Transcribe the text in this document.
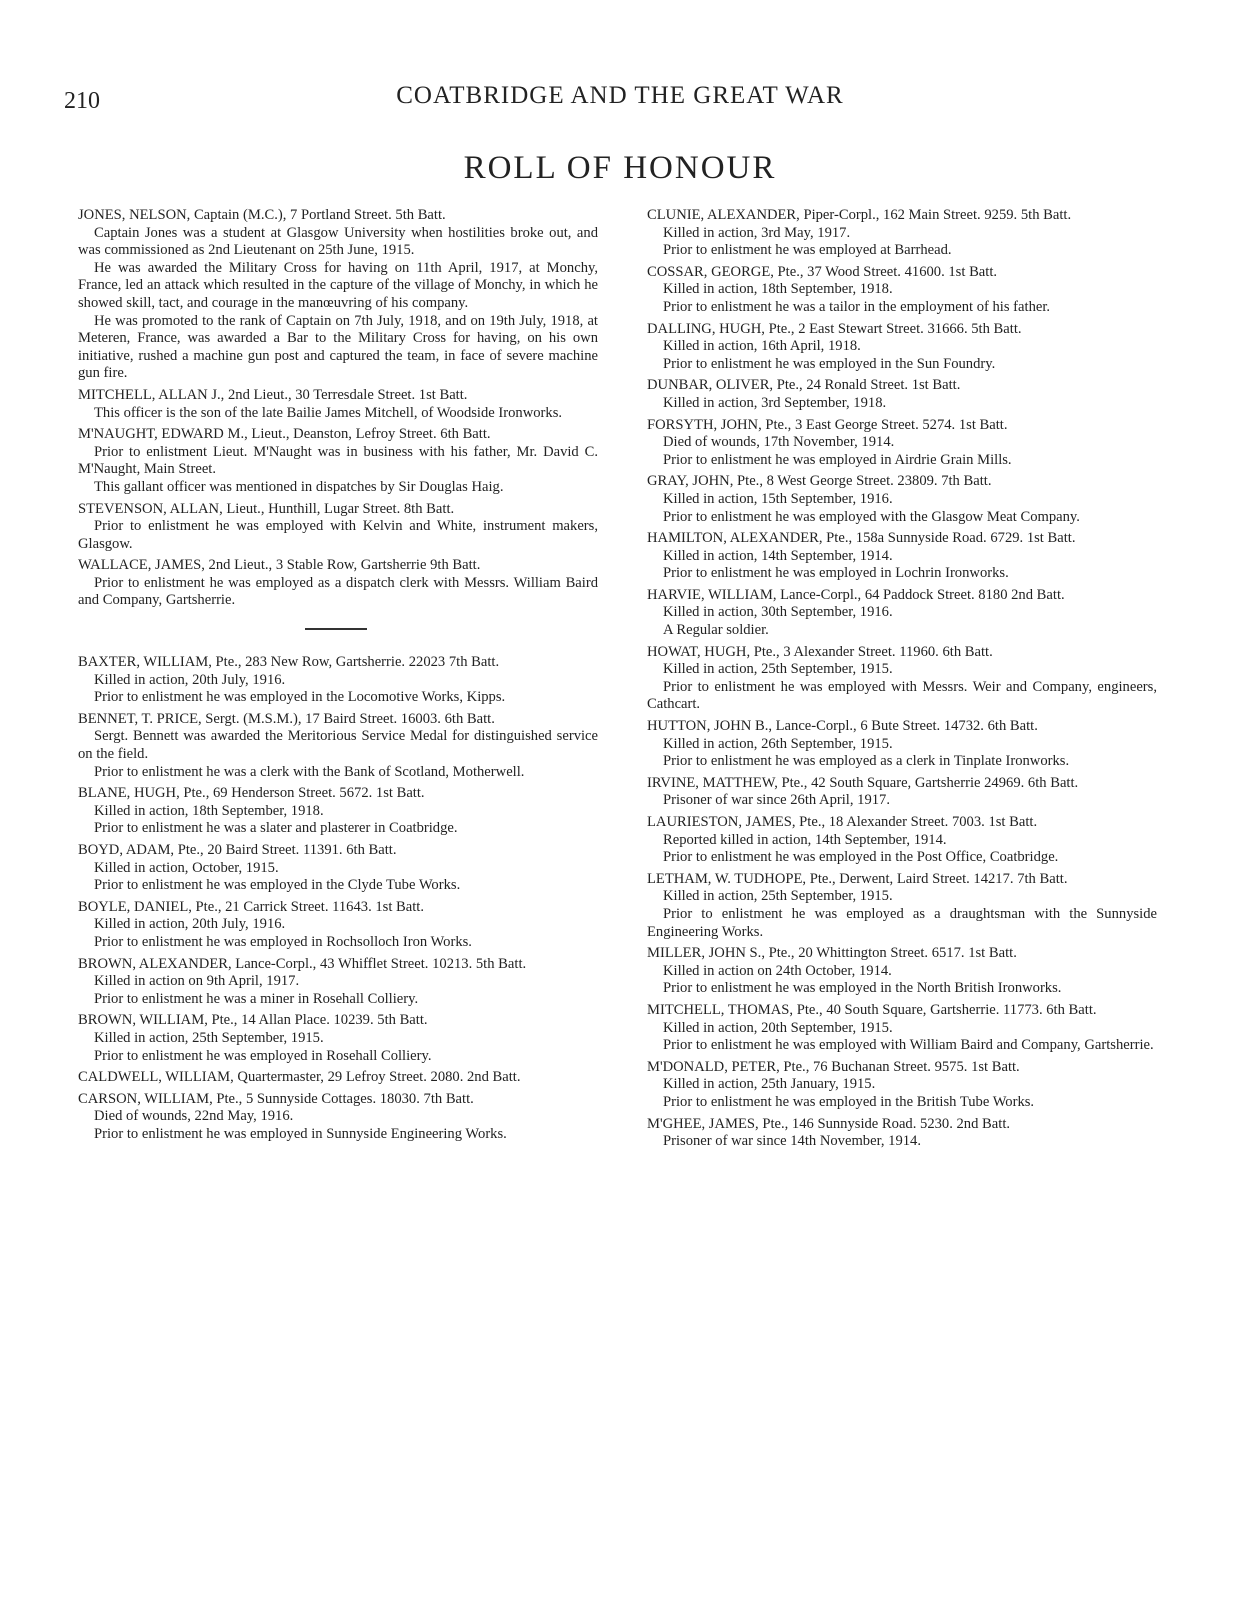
210	COATBRIDGE AND THE GREAT WAR
ROLL OF HONOUR

JONES, NELSON, Captain (M.C.), 7 Portland Street. 5th Batt.

Captain Jones was a student at Glasgow University when hostilities broke out, and was commissioned as 2nd Lieutenant on 25th June, 1915.

He was awarded the Military Cross for having on 11th April, 1917, at Monchy, France, led an attack which resulted in the capture of the village of Monchy, in which he showed skill, tact, and courage in the manœuvring of his company.

He was promoted to the rank of Captain on 7th July, 1918, and on 19th July, 1918, at Meteren, France, was awarded a Bar to the Military Cross for having, on his own initiative, rushed a machine gun post and captured the team, in face of severe machine gun fire.

MITCHELL, ALLAN J., 2nd Lieut., 30 Terresdale Street. 1st Batt.

This officer is the son of the late Bailie James Mitchell, of Woodside Ironworks.

M'NAUGHT, EDWARD M., Lieut., Deanston, Lefroy Street. 6th Batt.

Prior to enlistment Lieut. M'Naught was in business with his father, Mr. David C. M'Naught, Main Street.

This gallant officer was mentioned in dispatches by Sir Douglas Haig.

STEVENSON, ALLAN, Lieut., Hunthill, Lugar Street. 8th Batt.

Prior to enlistment he was employed with Kelvin and White, instrument makers, Glasgow.

WALLACE, JAMES, 2nd Lieut., 3 Stable Row, Gartsherrie 9th Batt.

Prior to enlistment he was employed as a dispatch clerk with Messrs. William Baird and Company, Gartsherrie.

BAXTER, WILLIAM, Pte., 283 New Row, Gartsherrie. 22023 7th Batt.

Killed in action, 20th July, 1916.

Prior to enlistment he was employed in the Locomotive Works, Kipps.

BENNET, T. PRICE, Sergt. (M.S.M.), 17 Baird Street. 16003. 6th Batt.

Sergt. Bennett was awarded the Meritorious Service Medal for distinguished service on the field.

Prior to enlistment he was a clerk with the Bank of Scotland, Motherwell.

BLANE, HUGH, Pte., 69 Henderson Street. 5672. 1st Batt.

Killed in action, 18th September, 1918.

Prior to enlistment he was a slater and plasterer in Coatbridge.

BOYD, ADAM, Pte., 20 Baird Street. 11391. 6th Batt.

Killed in action, October, 1915.

Prior to enlistment he was employed in the Clyde Tube Works.

BOYLE, DANIEL, Pte., 21 Carrick Street. 11643. 1st Batt.

Killed in action, 20th July, 1916.

Prior to enlistment he was employed in Rochsolloch Iron Works.

BROWN, ALEXANDER, Lance-Corpl., 43 Whifflet Street. 10213. 5th Batt.

Killed in action on 9th April, 1917.

Prior to enlistment he was a miner in Rosehall Colliery.

BROWN, WILLIAM, Pte., 14 Allan Place. 10239. 5th Batt.

Killed in action, 25th September, 1915.

Prior to enlistment he was employed in Rosehall Colliery.

CALDWELL, WILLIAM, Quartermaster, 29 Lefroy Street. 2080. 2nd Batt.

CARSON, WILLIAM, Pte., 5 Sunnyside Cottages. 18030. 7th Batt.

Died of wounds, 22nd May, 1916.

Prior to enlistment he was employed in Sunnyside Engineering Works.

CLUNIE, ALEXANDER, Piper-Corpl., 162 Main Street. 9259. 5th Batt.

Killed in action, 3rd May, 1917.

Prior to enlistment he was employed at Barrhead.

COSSAR, GEORGE, Pte., 37 Wood Street. 41600. 1st Batt.

Killed in action, 18th September, 1918.

Prior to enlistment he was a tailor in the employment of his father.

DALLING, HUGH, Pte., 2 East Stewart Street. 31666. 5th Batt.

Killed in action, 16th April, 1918.

Prior to enlistment he was employed in the Sun Foundry.

DUNBAR, OLIVER, Pte., 24 Ronald Street. 1st Batt.

Killed in action, 3rd September, 1918.

FORSYTH, JOHN, Pte., 3 East George Street. 5274. 1st Batt.

Died of wounds, 17th November, 1914.

Prior to enlistment he was employed in Airdrie Grain Mills.

GRAY, JOHN, Pte., 8 West George Street. 23809. 7th Batt.

Killed in action, 15th September, 1916.

Prior to enlistment he was employed with the Glasgow Meat Company.

HAMILTON, ALEXANDER, Pte., 158a Sunnyside Road. 6729. 1st Batt.

Killed in action, 14th September, 1914.

Prior to enlistment he was employed in Lochrin Ironworks.

HARVIE, WILLIAM, Lance-Corpl., 64 Paddock Street. 8180 2nd Batt.

Killed in action, 30th September, 1916.

A Regular soldier.

HOWAT, HUGH, Pte., 3 Alexander Street. 11960. 6th Batt.

Killed in action, 25th September, 1915.

Prior to enlistment he was employed with Messrs. Weir and Company, engineers, Cathcart.

HUTTON, JOHN B., Lance-Corpl., 6 Bute Street. 14732. 6th Batt.

Killed in action, 26th September, 1915.

Prior to enlistment he was employed as a clerk in Tinplate Ironworks.

IRVINE, MATTHEW, Pte., 42 South Square, Gartsherrie 24969. 6th Batt.

Prisoner of war since 26th April, 1917.

LAURIESTON, JAMES, Pte., 18 Alexander Street. 7003. 1st Batt.

Reported killed in action, 14th September, 1914.

Prior to enlistment he was employed in the Post Office, Coatbridge.

LETHAM, W. TUDHOPE, Pte., Derwent, Laird Street. 14217. 7th Batt.

Killed in action, 25th September, 1915.

Prior to enlistment he was employed as a draughtsman with the Sunnyside Engineering Works.

MILLER, JOHN S., Pte., 20 Whittington Street. 6517. 1st Batt.

Killed in action on 24th October, 1914.

Prior to enlistment he was employed in the North British Ironworks.

MITCHELL, THOMAS, Pte., 40 South Square, Gartsherrie. 11773. 6th Batt.

Killed in action, 20th September, 1915.

Prior to enlistment he was employed with William Baird and Company, Gartsherrie.

M'DONALD, PETER, Pte., 76 Buchanan Street. 9575. 1st Batt.

Killed in action, 25th January, 1915.

Prior to enlistment he was employed in the British Tube Works.

M'GHEE, JAMES, Pte., 146 Sunnyside Road. 5230. 2nd Batt.

Prisoner of war since 14th November, 1914.
